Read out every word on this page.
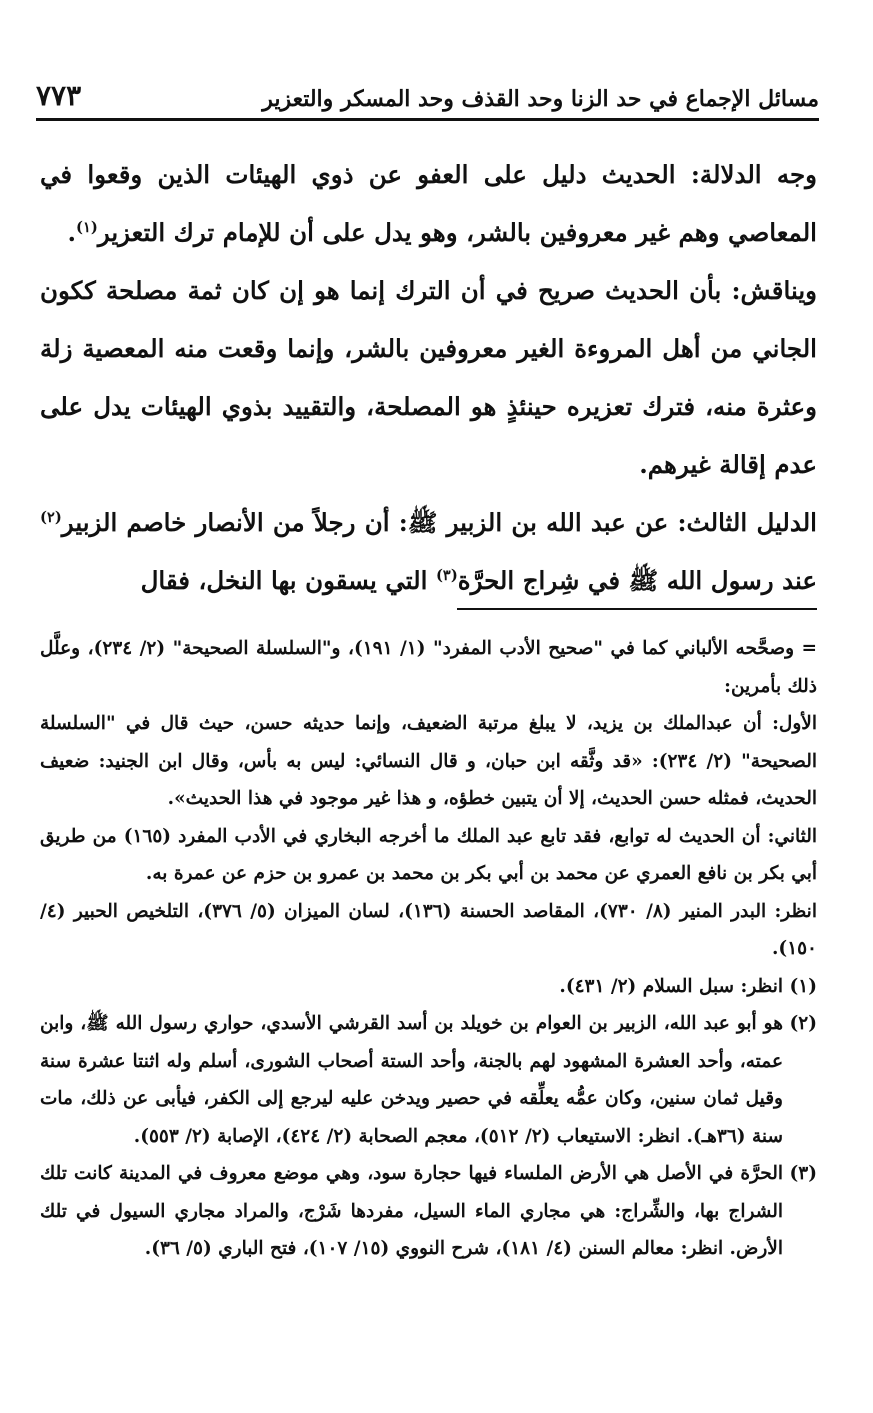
مسائل الإجماع في حد الزنا وحد القذف وحد المسكر والتعزير
٧٧٣

وجه الدلالة: الحديث دليل على العفو عن ذوي الهيئات الذين وقعوا في المعاصي وهم غير معروفين بالشر، وهو يدل على أن للإمام ترك التعزير$^{(١)}$.

ويناقش: بأن الحديث صريح في أن الترك إنما هو إن كان ثمة مصلحة ككون الجاني من أهل المروءة الغير معروفين بالشر، وإنما وقعت منه المعصية زلة وعثرة منه، فترك تعزيره حينئذٍ هو المصلحة، والتقييد بذوي الهيئات يدل على عدم إقالة غيرهم.

الدليل الثالث: عن عبد الله بن الزبير ﷺ: أن رجلاً من الأنصار خاصم الزبير$^{(٢)}$ عند رسول الله ﷺ في شِراج الحرَّة$^{(٣)}$ التي يسقون بها النخل، فقال

= وصحَّحه الألباني كما في "صحيح الأدب المفرد" (١/ ١٩١)، و"السلسلة الصحيحة" (٢/ ٢٣٤)، وعلَّل ذلك بأمرين:

الأول: أن عبدالملك بن يزيد، لا يبلغ مرتبة الضعيف، وإنما حديثه حسن، حيث قال في "السلسلة الصحيحة" (٢/ ٢٣٤): «قد وثَّقه ابن حبان، و قال النسائي: ليس به بأس، وقال ابن الجنيد: ضعيف الحديث، فمثله حسن الحديث، إلا أن يتبين خطؤه، و هذا غير موجود في هذا الحديث».

الثاني: أن الحديث له توابع، فقد تابع عبد الملك ما أخرجه البخاري في الأدب المفرد (١٦٥) من طريق أبي بكر بن نافع العمري عن محمد بن أبي بكر بن محمد بن عمرو بن حزم عن عمرة به.

انظر: البدر المنير (٨/ ٧٣٠)، المقاصد الحسنة (١٣٦)، لسان الميزان (٥/ ٣٧٦)، التلخيص الحبير (٤/ ١٥٠).

(١)
انظر: سبل السلام (٢/ ٤٣١).
(٢)
هو أبو عبد الله، الزبير بن العوام بن خويلد بن أسد القرشي الأسدي، حواري رسول الله ﷺ، وابن عمته، وأحد العشرة المشهود لهم بالجنة، وأحد الستة أصحاب الشورى، أسلم وله اثنتا عشرة سنة وقيل ثمان سنين، وكان عمُّه يعلِّقه في حصير ويدخن عليه ليرجع إلى الكفر، فيأبى عن ذلك، مات سنة (٣٦هـ). انظر: الاستيعاب (٢/ ٥١٢)، معجم الصحابة (٢/ ٤٢٤)، الإصابة (٢/ ٥٥٣).
(٣)
الحرَّة في الأصل هي الأرض الملساء فيها حجارة سود، وهي موضع معروف في المدينة كانت تلك الشراج بها، والشِّراج: هي مجاري الماء السيل، مفردها شَرْج، والمراد مجاري السيول في تلك الأرض. انظر: معالم السنن (٤/ ١٨١)، شرح النووي (١٥/ ١٠٧)، فتح الباري (٥/ ٣٦).
